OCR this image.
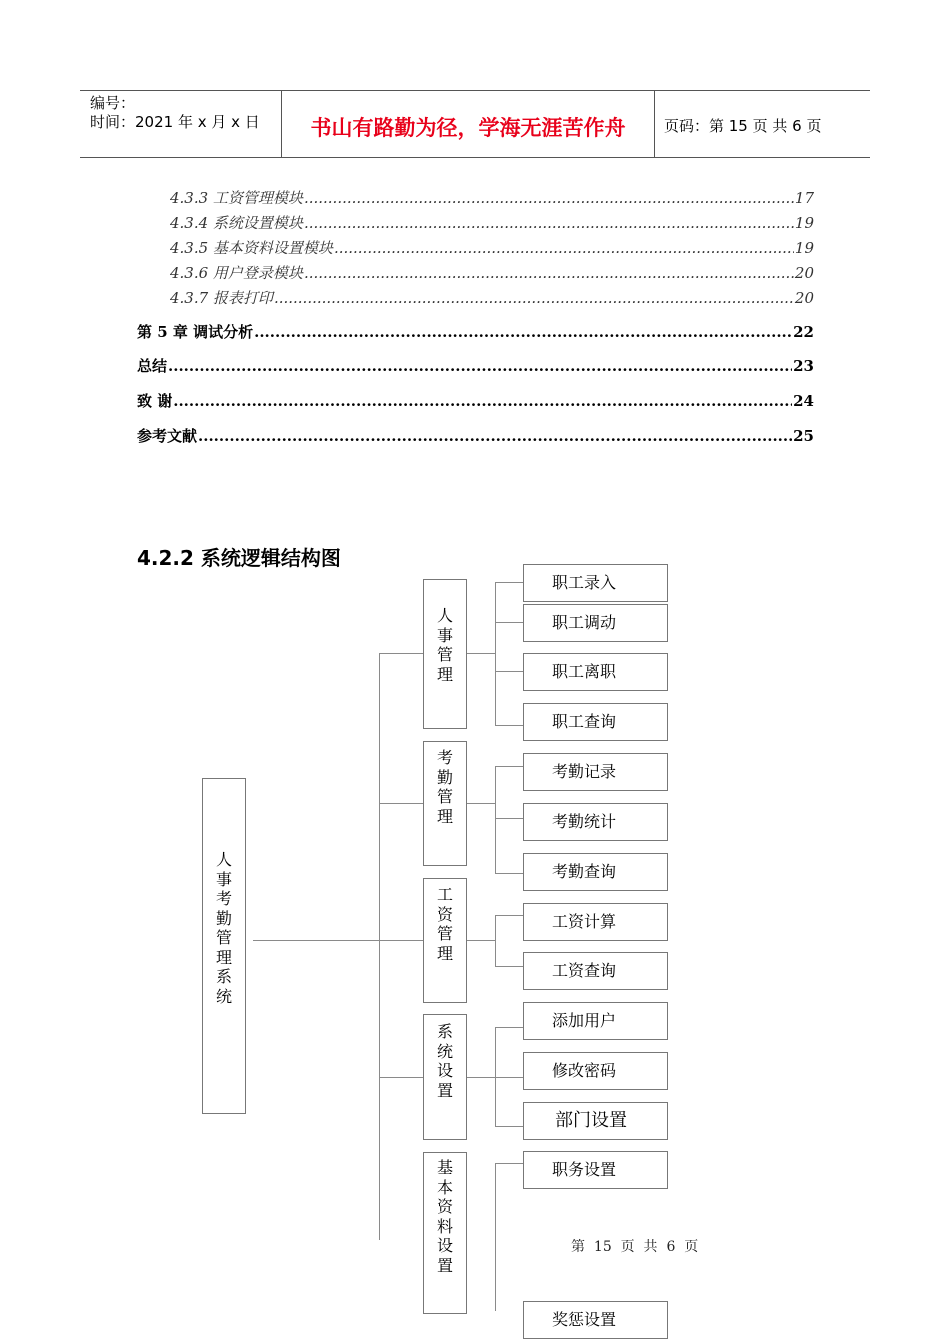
编号：
时间：2021 年 x 月 x 日	书山有路勤为径，学海无涯苦作舟	页码：第 15 页 共 6 页
4.3.3 工资管理模块 .....	17
4.3.4 系统设置模块 .....	19
4.3.5 基本资料设置模块 .....	19
4.3.6 用户登录模块 .....	20
4.3.7 报表打印 .....	20
第 5 章 调试分析 .....	22
总结 .....	23
致 谢 .....	24
参考文献 .....	25
4.2.2 系统逻辑结构图
人
事
考
勤
管
理
系
统
人
事
管
理
考
勤
管
理
工
资
管
理
系
统
设
置
基
本
资
料
设
置
职工录入
职工调动
职工离职
职工查询
考勤记录
考勤统计
考勤查询
工资计算
工资查询
添加用户
修改密码
部门设置
职务设置
奖惩设置
第 15 页 共 6 页
